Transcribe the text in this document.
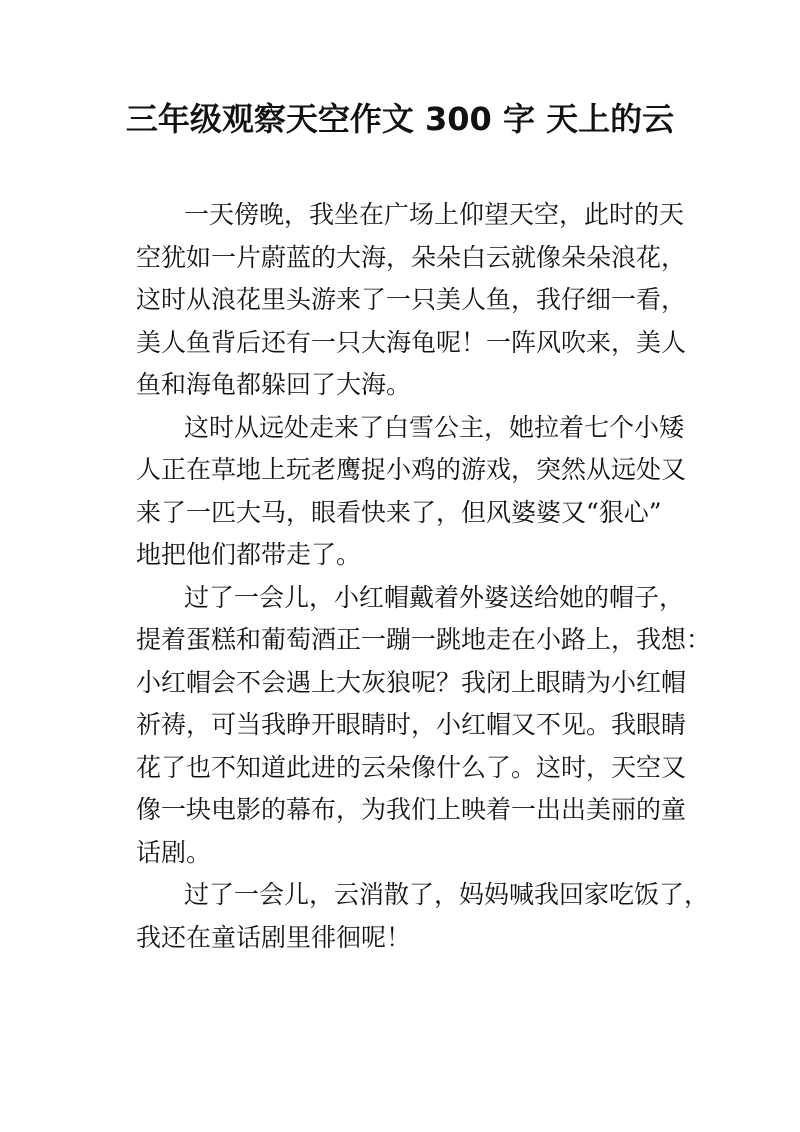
三年级观察天空作文 300 字 天上的云
一天傍晚，我坐在广场上仰望天空，此时的天
空犹如一片蔚蓝的大海，朵朵白云就像朵朵浪花，
这时从浪花里头游来了一只美人鱼，我仔细一看，
美人鱼背后还有一只大海龟呢！一阵风吹来，美人
鱼和海龟都躲回了大海。
这时从远处走来了白雪公主，她拉着七个小矮
人正在草地上玩老鹰捉小鸡的游戏，突然从远处又
来了一匹大马，眼看快来了，但风婆婆又“狠心”
地把他们都带走了。
过了一会儿，小红帽戴着外婆送给她的帽子，
提着蛋糕和葡萄酒正一蹦一跳地走在小路上，我想：
小红帽会不会遇上大灰狼呢？我闭上眼睛为小红帽
祈祷，可当我睁开眼睛时，小红帽又不见。我眼睛
花了也不知道此进的云朵像什么了。这时，天空又
像一块电影的幕布，为我们上映着一出出美丽的童
话剧。
过了一会儿，云消散了，妈妈喊我回家吃饭了，
我还在童话剧里徘徊呢！
